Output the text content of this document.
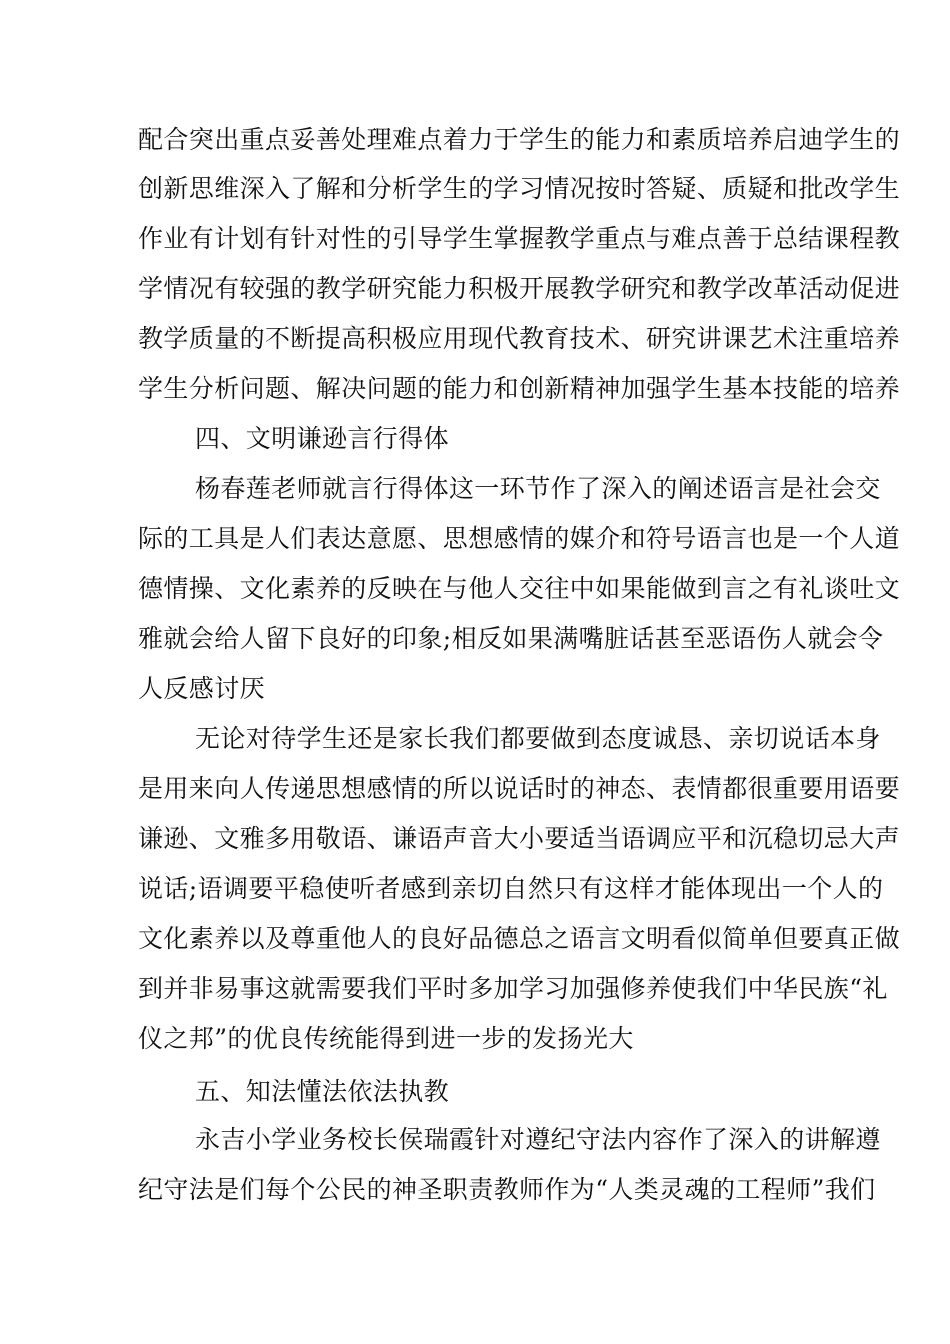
配合突出重点妥善处理难点着力于学生的能力和素质培养启迪学生的
创新思维深入了解和分析学生的学习情况按时答疑、质疑和批改学生
作业有计划有针对性的引导学生掌握教学重点与难点善于总结课程教
学情况有较强的教学研究能力积极开展教学研究和教学改革活动促进
教学质量的不断提高积极应用现代教育技术、研究讲课艺术注重培养
学生分析问题、解决问题的能力和创新精神加强学生基本技能的培养
四、文明谦逊言行得体
杨春莲老师就言行得体这一环节作了深入的阐述语言是社会交
际的工具是人们表达意愿、思想感情的媒介和符号语言也是一个人道
德情操、文化素养的反映在与他人交往中如果能做到言之有礼谈吐文
雅就会给人留下良好的印象;相反如果满嘴脏话甚至恶语伤人就会令
人反感讨厌
无论对待学生还是家长我们都要做到态度诚恳、亲切说话本身
是用来向人传递思想感情的所以说话时的神态、表情都很重要用语要
谦逊、文雅多用敬语、谦语声音大小要适当语调应平和沉稳切忌大声
说话;语调要平稳使听者感到亲切自然只有这样才能体现出一个人的
文化素养以及尊重他人的良好品德总之语言文明看似简单但要真正做
到并非易事这就需要我们平时多加学习加强修养使我们中华民族“礼
仪之邦”的优良传统能得到进一步的发扬光大
五、知法懂法依法执教
永吉小学业务校长侯瑞霞针对遵纪守法内容作了深入的讲解遵
纪守法是们每个公民的神圣职责教师作为“人类灵魂的工程师”我们
